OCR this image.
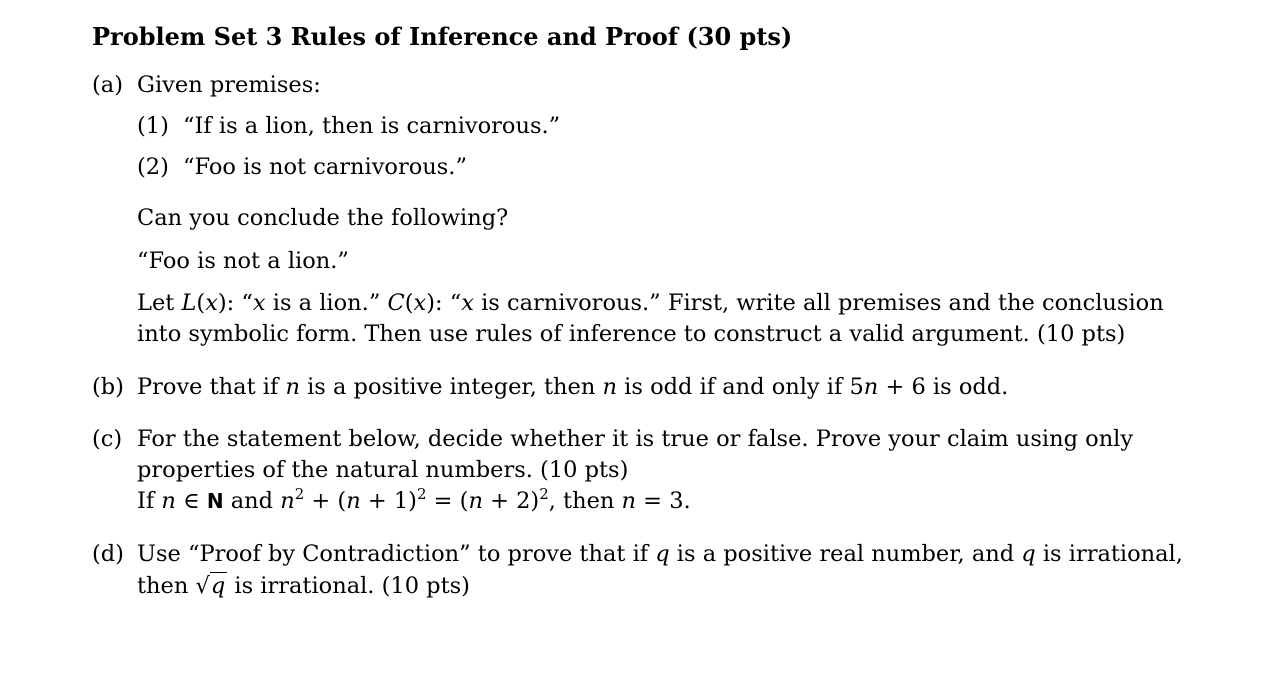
Problem Set 3 Rules of Inference and Proof (30 pts)
(a) Given premises:
(1) “If is a lion, then is carnivorous.”
(2) “Foo is not carnivorous.”
Can you conclude the following?
“Foo is not a lion.”
Let L(x): “x is a lion.” C(x): “x is carnivorous.” First, write all premises and the conclusion
into symbolic form. Then use rules of inference to construct a valid argument. (10 pts)
(b) Prove that if n is a positive integer, then n is odd if and only if 5n + 6 is odd.
(c) For the statement below, decide whether it is true or false. Prove your claim using only
properties of the natural numbers. (10 pts)
If n ∈ N and $n^2 + (n + 1)^2 = (n + 2)^2$, then n = 3.
(d) Use “Proof by Contradiction” to prove that if q is a positive real number, and q is irrational,
then √q is irrational. (10 pts)
